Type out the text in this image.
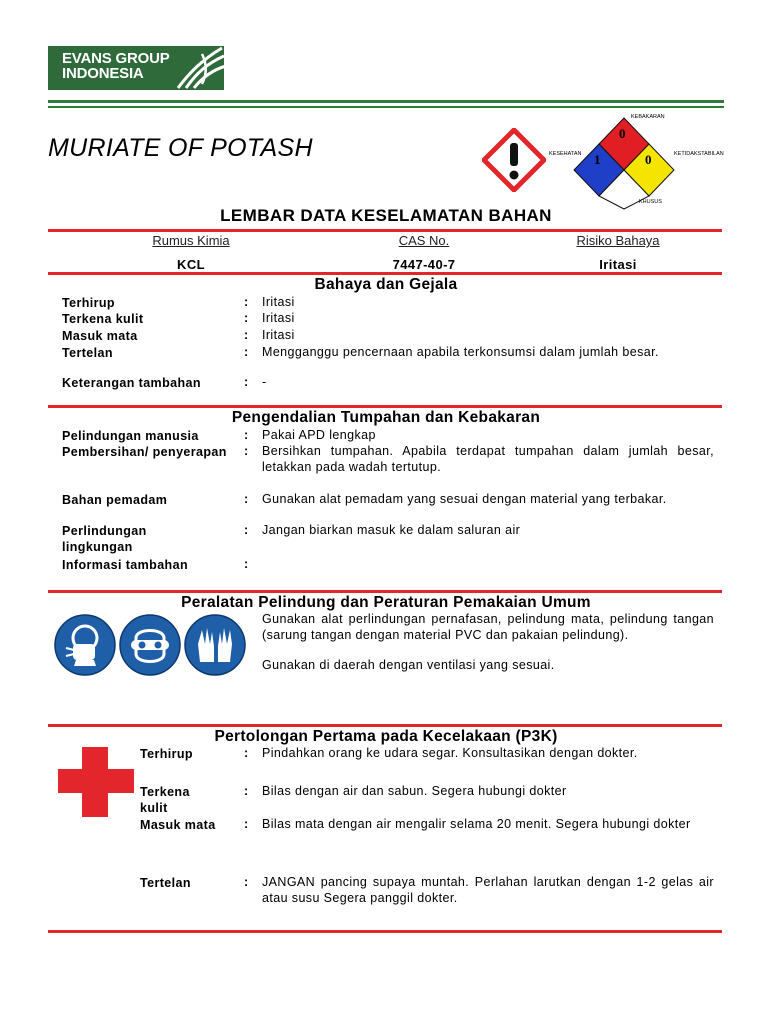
EVANS GROUP
INDONESIA
MURIATE OF POTASH
0
1	0
KEBAKARAN
KESEHATAN	KETIDAKSTABILAN
KHUSUS
LEMBAR DATA KESELAMATAN BAHAN
Rumus Kimia	CAS No.	Risiko Bahaya
KCL	7447-40-7	Iritasi
Bahaya dan Gejala
Terhirup	: Iritasi
Terkena kulit	: Iritasi
Masuk mata	: Iritasi
Tertelan	: Mengganggu pencernaan apabila terkonsumsi dalam jumlah besar.
Keterangan tambahan	: -
Pengendalian Tumpahan dan Kebakaran
Pelindungan manusia	: Pakai APD lengkap
Pembersihan/ penyerapan	: Bersihkan tumpahan. Apabila terdapat tumpahan dalam jumlah besar, letakkan pada wadah tertutup.
Bahan pemadam	: Gunakan alat pemadam yang sesuai dengan material yang terbakar.
Perlindungan lingkungan
: Jangan biarkan masuk ke dalam saluran air
Informasi tambahan	:
Peralatan Pelindung dan Peraturan Pemakaian Umum
Gunakan alat perlindungan pernafasan, pelindung mata, pelindung tangan (sarung tangan dengan material PVC dan pakaian pelindung).
Gunakan di daerah dengan ventilasi yang sesuai.
Pertolongan Pertama pada Kecelakaan (P3K)
Terhirup	: Pindahkan orang ke udara segar. Konsultasikan dengan dokter.
Terkena kulit
: Bilas dengan air dan sabun. Segera hubungi dokter
Masuk mata : Bilas mata dengan air mengalir selama 20 menit. Segera hubungi dokter
Tertelan	: JANGAN pancing supaya muntah. Perlahan larutkan dengan 1-2 gelas air atau susu Segera panggil dokter.
